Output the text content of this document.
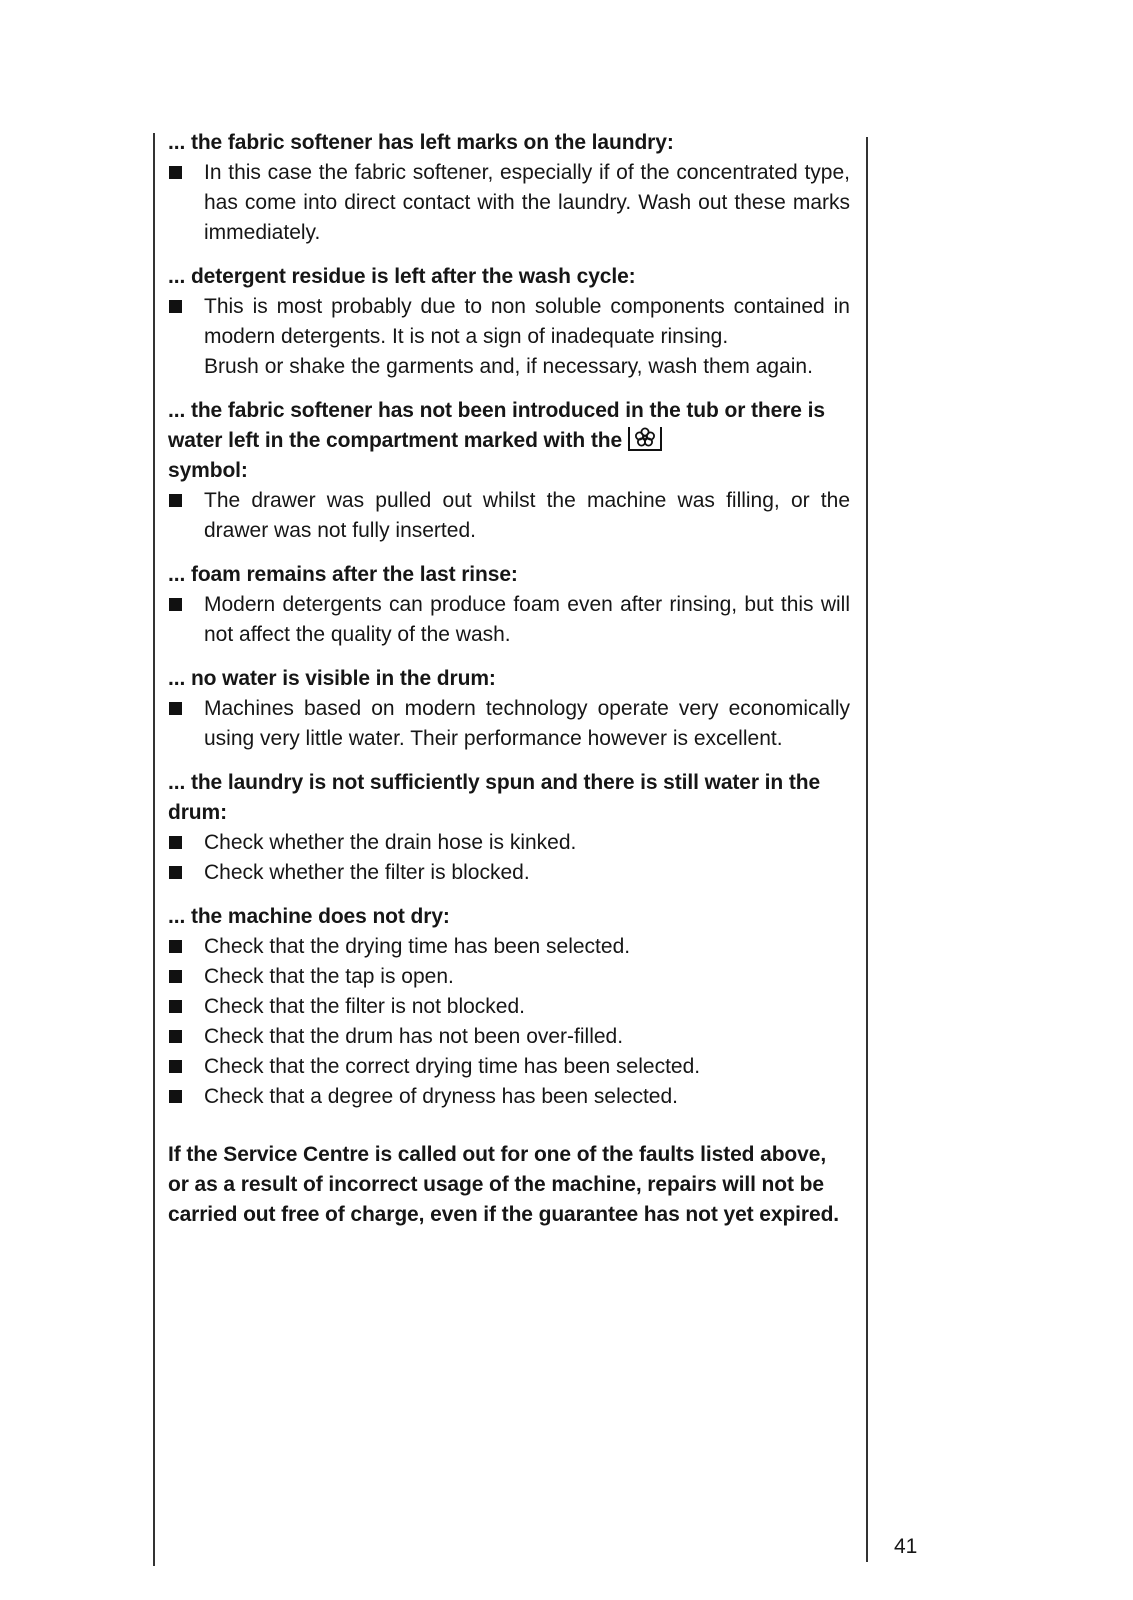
... the fabric softener has left marks on the laundry:
In this case the fabric softener, especially if of the concentrated type, has come into direct contact with the laundry. Wash out these marks immediately.
... detergent residue is left after the wash cycle:
This is most probably due to non soluble components contained in modern detergents. It is not a sign of inadequate rinsing.
Brush or shake the garments and, if necessary, wash them again.
... the fabric softener has not been introduced in the tub or there is water left in the compartment marked with the

symbol:
The drawer was pulled out whilst the machine was filling, or the drawer was not fully inserted.
... foam remains after the last rinse:
Modern detergents can produce foam even after rinsing, but this will not affect the quality of the wash.
... no water is visible in the drum:
Machines based on modern technology operate very economically using very little water. Their performance however is excellent.
... the laundry is not sufficiently spun and there is still water in the drum:
Check whether the drain hose is kinked.
Check whether the filter is blocked.
... the machine does not dry:
Check that the drying time has been selected.
Check that the tap is open.
Check that the filter is not blocked.
Check that the drum has not been over-filled.
Check that the correct drying time has been selected.
Check that a degree of dryness has been selected.
If the Service Centre is called out for one of the faults listed above, or as a result of incorrect usage of the machine, repairs will not be carried out free of charge, even if the guarantee has not yet expired.
41
